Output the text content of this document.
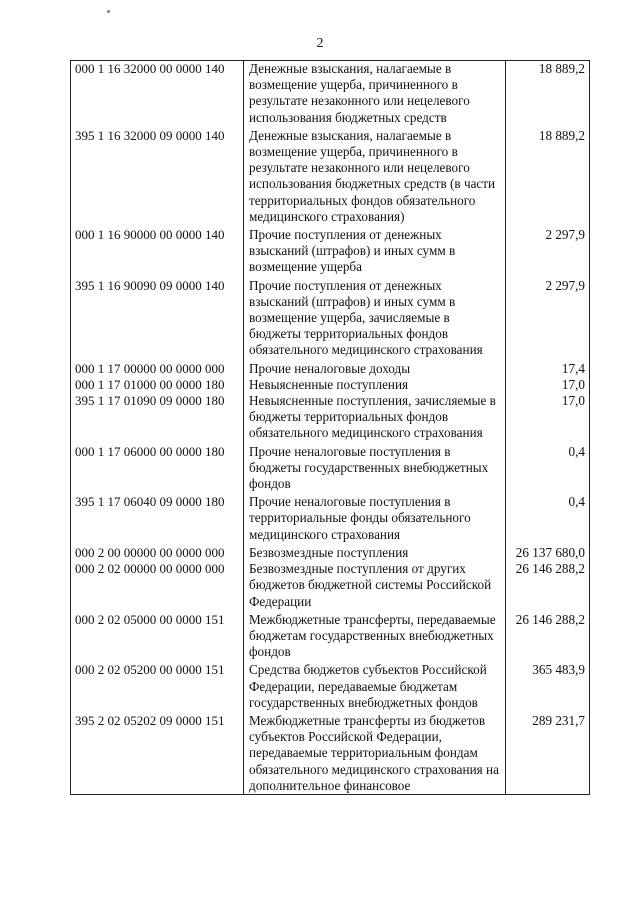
2
000 1 16 32000 00 0000 140	Денежные взыскания, налагаемые в возмещение ущерба, причиненного в результате незаконного или нецелевого использования бюджетных средств	18 889,2
395 1 16 32000 09 0000 140	Денежные взыскания, налагаемые в возмещение ущерба, причиненного в результате незаконного или нецелевого использования бюджетных средств (в части территориальных фондов обязательного медицинского страхования)	18 889,2
000 1 16 90000 00 0000 140	Прочие поступления от денежных взысканий (штрафов) и иных сумм в возмещение ущерба	2 297,9
395 1 16 90090 09 0000 140	Прочие поступления от денежных взысканий (штрафов) и иных сумм в возмещение ущерба, зачисляемые в бюджеты территориальных фондов обязательного медицинского страхования	2 297,9
000 1 17 00000 00 0000 000	Прочие неналоговые доходы	17,4
000 1 17 01000 00 0000 180	Невыясненные поступления	17,0
395 1 17 01090 09 0000 180	Невыясненные поступления, зачисляемые в бюджеты территориальных фондов обязательного медицинского страхования	17,0
000 1 17 06000 00 0000 180	Прочие неналоговые поступления в бюджеты государственных внебюджетных фондов	0,4
395 1 17 06040 09 0000 180	Прочие неналоговые поступления в территориальные фонды обязательного медицинского страхования	0,4
000 2 00 00000 00 0000 000	Безвозмездные поступления	26 137 680,0
000 2 02 00000 00 0000 000	Безвозмездные поступления от других бюджетов бюджетной системы Российской Федерации	26 146 288,2
000 2 02 05000 00 0000 151	Межбюджетные трансферты, передаваемые бюджетам государственных внебюджетных фондов	26 146 288,2
000 2 02 05200 00 0000 151	Средства бюджетов субъектов Российской Федерации, передаваемые бюджетам государственных внебюджетных фондов	365 483,9
395 2 02 05202 09 0000 151	Межбюджетные трансферты из бюджетов субъектов Российской Федерации, передаваемые территориальным фондам обязательного медицинского страхования на дополнительное финансовое	289 231,7
